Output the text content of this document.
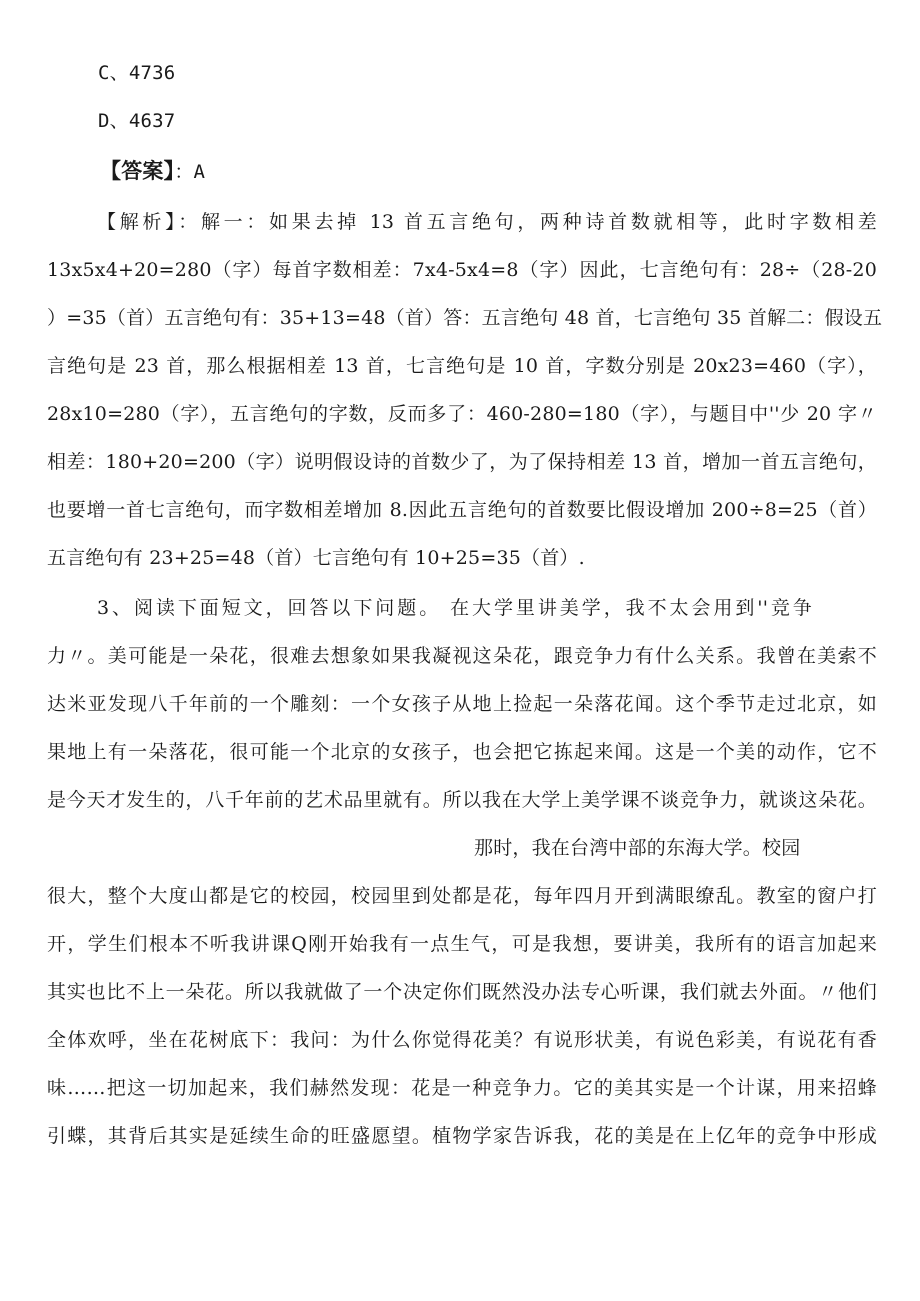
C、4736
D、4637
【答案】：A
【解析】：解一：如果去掉 13 首五言绝句，两种诗首数就相等，此时字数相差
13x5x4+20=280（字）每首字数相差：7x4-5x4=8（字）因此，七言绝句有：28÷（28-20
）=35（首）五言绝句有：35+13=48（首）答：五言绝句 48 首，七言绝句 35 首解二：假设五
言绝句是 23 首，那么根据相差 13 首，七言绝句是 10 首，字数分别是 20x23=460（字），
28x10=280（字），五言绝句的字数，反而多了：460-280=180（字），与题目中''少 20 字〃
相差：180+20=200（字）说明假设诗的首数少了，为了保持相差 13 首，增加一首五言绝句，
也要增一首七言绝句，而字数相差增加 8.因此五言绝句的首数要比假设增加 200÷8=25（首）
五言绝句有 23+25=48（首）七言绝句有 10+25=35（首）.
3、阅读下面短文，回答以下问题。 在大学里讲美学，我不太会用到''竞争
力〃。美可能是一朵花，很难去想象如果我凝视这朵花，跟竞争力有什么关系。我曾在美索不
达米亚发现八千年前的一个雕刻：一个女孩子从地上捡起一朵落花闻。这个季节走过北京，如
果地上有一朵落花，很可能一个北京的女孩子，也会把它拣起来闻。这是一个美的动作，它不
是今天才发生的，八千年前的艺术品里就有。所以我在大学上美学课不谈竞争力，就谈这朵花。
那时，我在台湾中部的东海大学。校园
很大，整个大度山都是它的校园，校园里到处都是花，每年四月开到满眼缭乱。教室的窗户打
开，学生们根本不听我讲课Q刚开始我有一点生气，可是我想，要讲美，我所有的语言加起来
其实也比不上一朵花。所以我就做了一个决定你们既然没办法专心听课，我们就去外面。〃他们
全体欢呼，坐在花树底下：我问：为什么你觉得花美？有说形状美，有说色彩美，有说花有香
味……把这一切加起来，我们赫然发现：花是一种竞争力。它的美其实是一个计谋，用来招蜂
引蝶，其背后其实是延续生命的旺盛愿望。植物学家告诉我，花的美是在上亿年的竞争中形成
